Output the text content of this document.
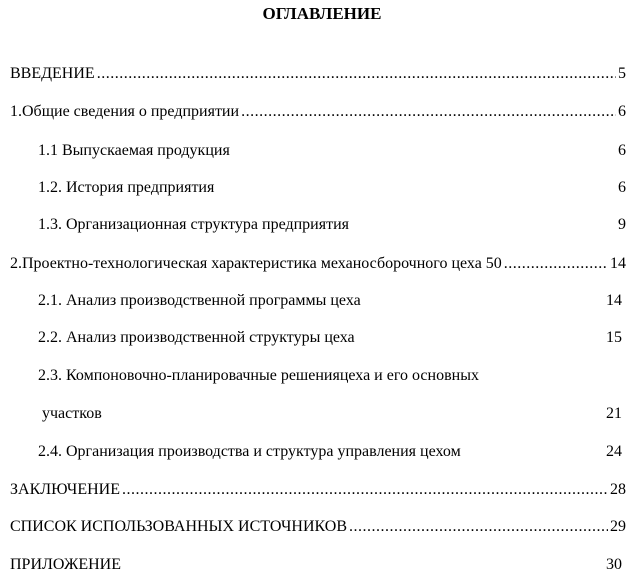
ОГЛАВЛЕНИЕ
ВВЕДЕНИЕ .....	5
1. Общие сведения о предприятии .....	6
1.1 Выпускаемая продукция	6
1.2. История предприятия	6
1.3. Организационная структура предприятия	9
2. Проектно-технологическая характеристика механосборочного цеха 50 .....	14
2.1. Анализ производственной программы цеха	14
2.2. Анализ производственной структуры цеха	15
2.3. Компоновочно-планировачные решенияцеха и его основных
участков	21
2.4. Организация производства и структура управления цехом	24
ЗАКЛЮЧЕНИЕ .....	28
СПИСОК ИСПОЛЬЗОВАННЫХ ИСТОЧНИКОВ .....	29
ПРИЛОЖЕНИЕ	30
